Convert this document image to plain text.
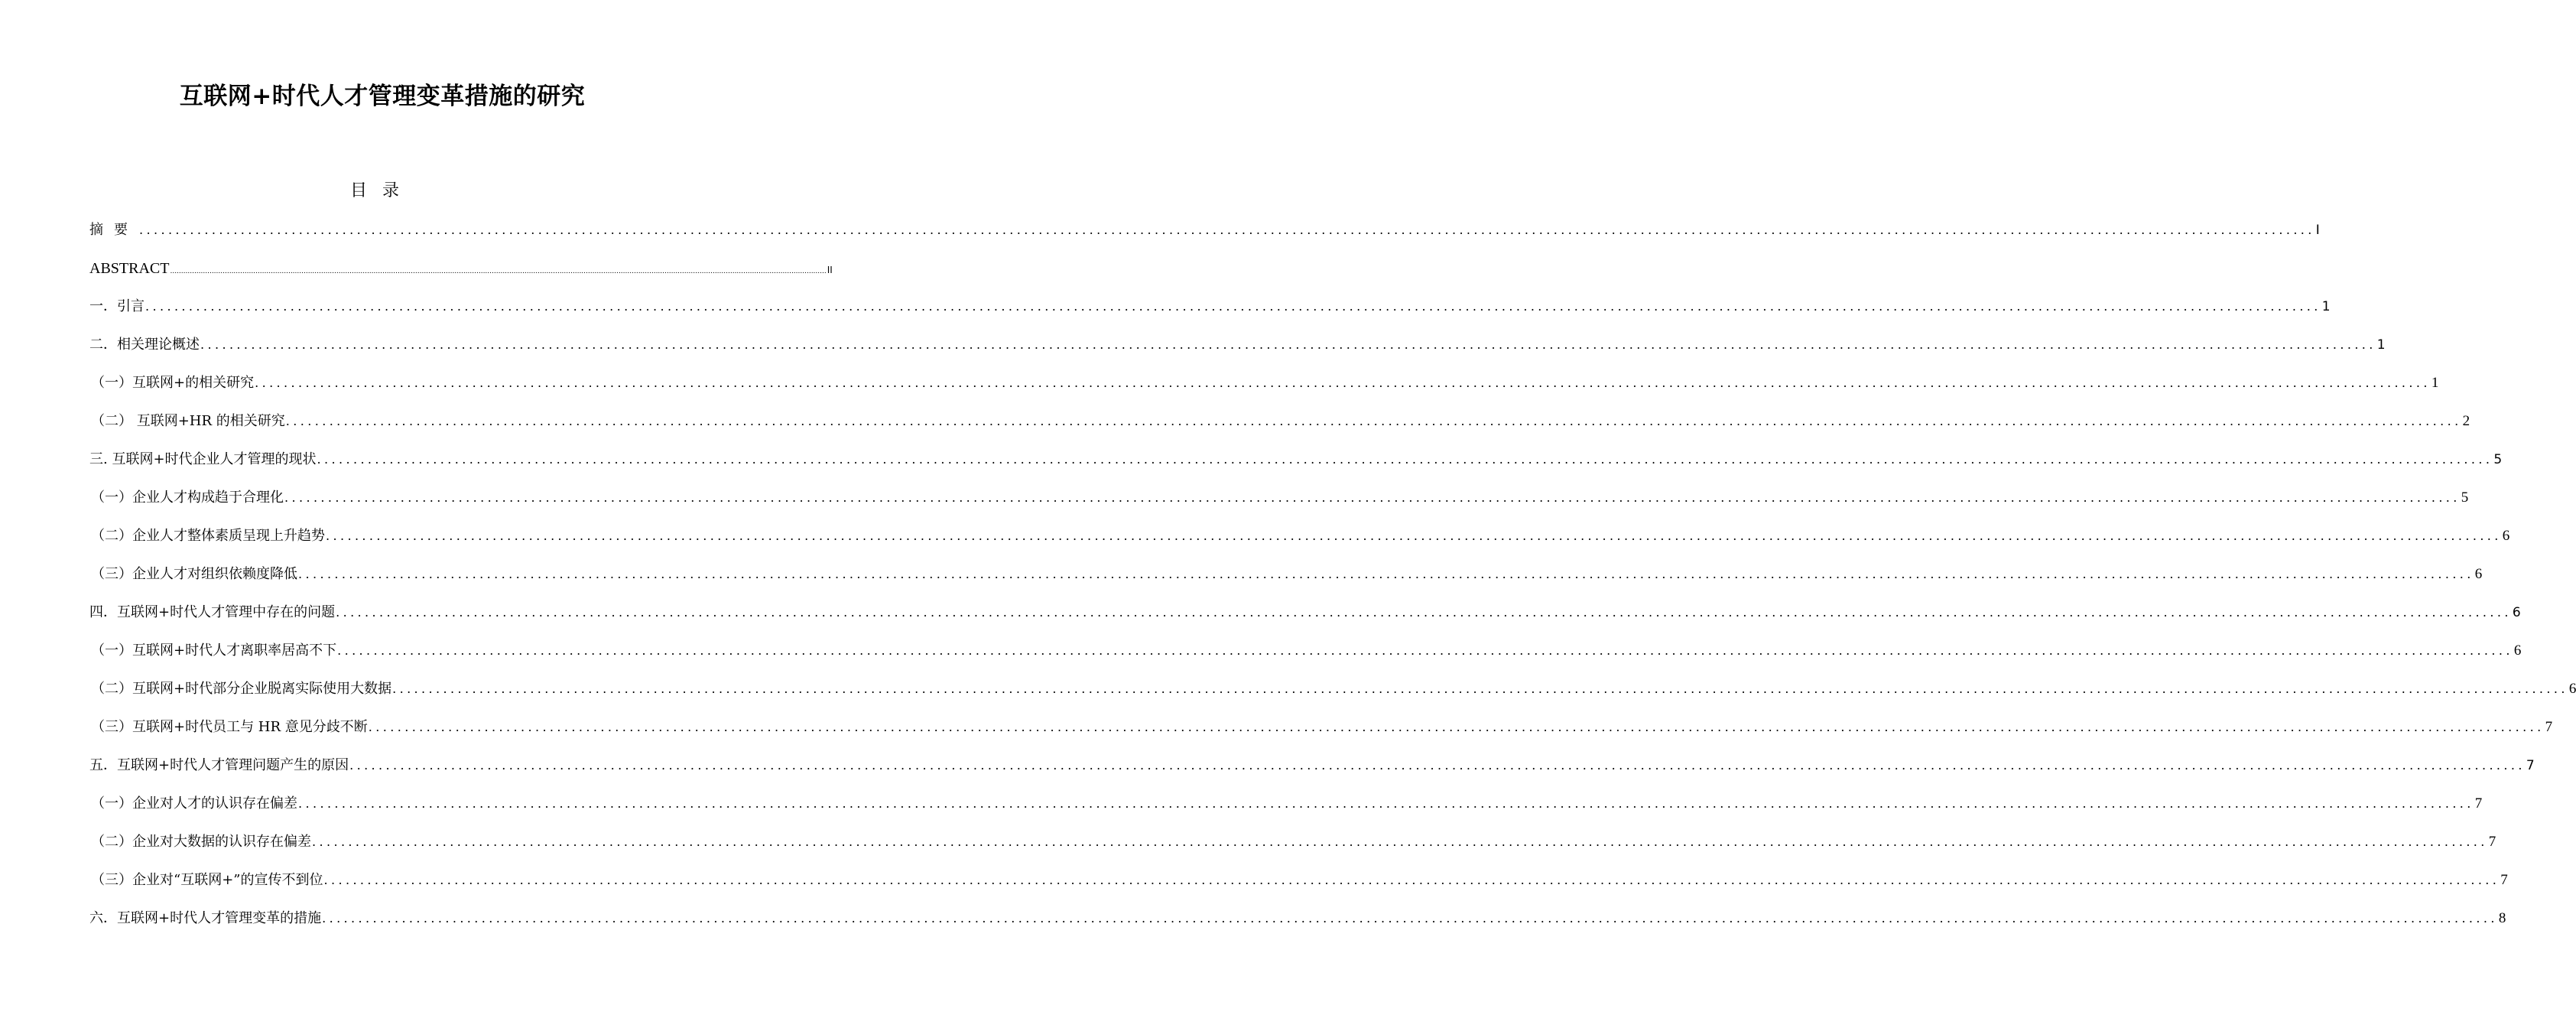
互联网+时代人才管理变革措施的研究
目录
摘要 ............................................................................................................................................................................................................................................................................................................ I
ABSTRACT ............................................................................................................................................................................................................................................................................................................ II
一．引言 ............................................................................................................................................................................................................................................................................................................ 1
二．相关理论概述 ............................................................................................................................................................................................................................................................................................................ 1
（一）互联网+的相关研究 ............................................................................................................................................................................................................................................................................................................ 1
（二） 互联网+HR 的相关研究 ............................................................................................................................................................................................................................................................................................................ 2
三. 互联网+时代企业人才管理的现状 ............................................................................................................................................................................................................................................................................................................ 5
（一）企业人才构成趋于合理化 ............................................................................................................................................................................................................................................................................................................ 5
（二）企业人才整体素质呈现上升趋势 ............................................................................................................................................................................................................................................................................................................ 6
（三）企业人才对组织依赖度降低 ............................................................................................................................................................................................................................................................................................................ 6
四．互联网+时代人才管理中存在的问题 ............................................................................................................................................................................................................................................................................................................ 6
（一）互联网+时代人才离职率居高不下 ............................................................................................................................................................................................................................................................................................................ 6
（二）互联网+时代部分企业脱离实际使用大数据 ............................................................................................................................................................................................................................................................................................................ 6
（三）互联网+时代员工与 HR 意见分歧不断 ............................................................................................................................................................................................................................................................................................................ 7
五．互联网+时代人才管理问题产生的原因 ............................................................................................................................................................................................................................................................................................................ 7
（一）企业对人才的认识存在偏差 ............................................................................................................................................................................................................................................................................................................ 7
（二）企业对大数据的认识存在偏差 ............................................................................................................................................................................................................................................................................................................ 7
（三）企业对“互联网+”的宣传不到位 ............................................................................................................................................................................................................................................................................................................ 7
六．互联网+时代人才管理变革的措施 ............................................................................................................................................................................................................................................................................................................ 8
